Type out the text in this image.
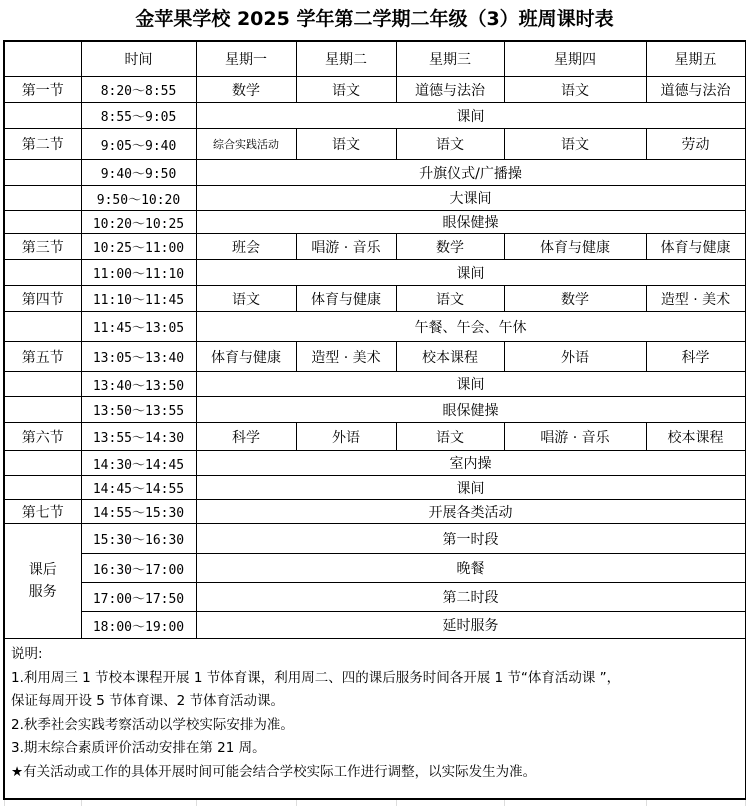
金苹果学校 2025 学年第二学期二年级（3）班周课时表
	时间	星期一	星期二	星期三	星期四	星期五
第一节	8:20～8:55	数学	语文	道德与法治	语文	道德与法治
	8:55～9:05	课间				
第二节	9:05～9:40	综合实践活动	语文	语文	语文	劳动
	9:40～9:50	升旗仪式/广播操				
	9:50～10:20	大课间				
	10:20～10:25	眼保健操				
第三节	10:25～11:00	班会	唱游 · 音乐	数学	体育与健康	体育与健康
	11:00～11:10	课间				
第四节	11:10～11:45	语文	体育与健康	语文	数学	造型 · 美术
	11:45～13:05	午餐、午会、午休				
第五节	13:05～13:40	体育与健康	造型 · 美术	校本课程	外语	科学
	13:40～13:50	课间				
	13:50～13:55	眼保健操				
第六节	13:55～14:30	科学	外语	语文	唱游 · 音乐	校本课程
	14:30～14:45	室内操				
	14:45～14:55	课间				
第七节	14:55～15:30	开展各类活动				

课后
服务	15:30～16:30	第一时段				
	16:30～17:00	晚餐				
	17:00～17:50	第二时段				
	18:00～19:00	延时服务				

说明:
1.利用周三 1 节校本课程开展 1 节体育课，利用周二、四的课后服务时间各开展 1 节“体育活动课 ”，
保证每周开设 5 节体育课、2 节体育活动课。
2.秋季社会实践考察活动以学校实际安排为准。
3.期末综合素质评价活动安排在第 21 周。
★有关活动或工作的具体开展时间可能会结合学校实际工作进行调整，以实际发生为准。
